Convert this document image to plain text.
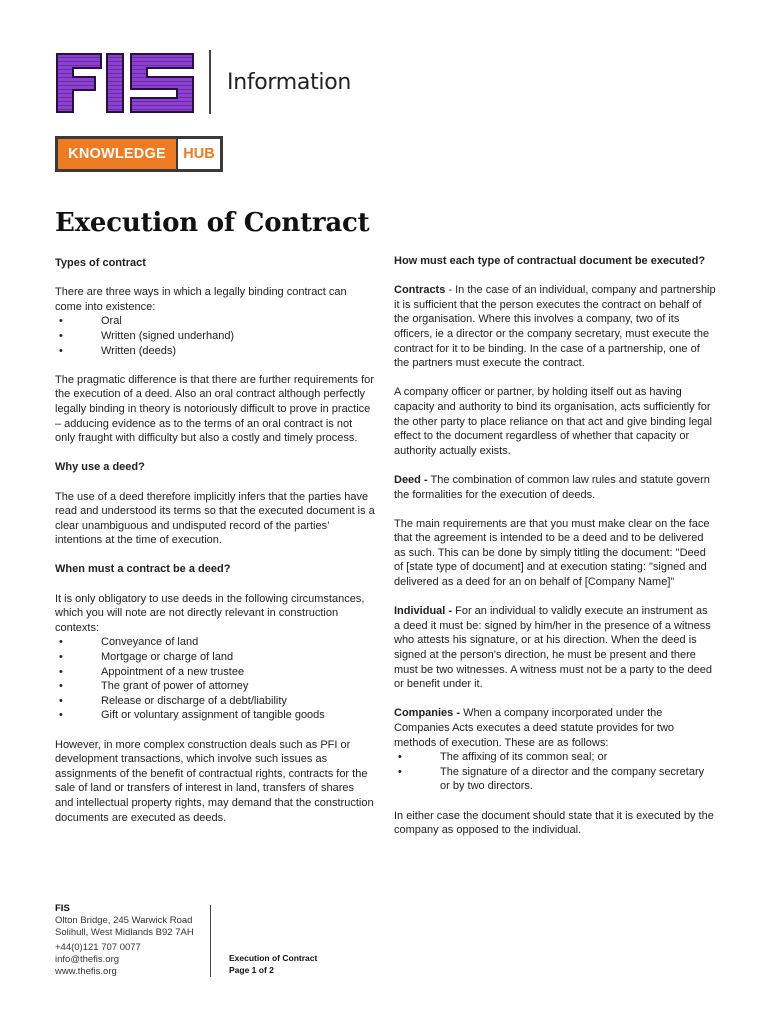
Information
KNOWLEDGE	HUB
Execution of Contract
Types of contract

There are three ways in which a legally binding contract can come into existence:

•	Oral
•	Written (signed underhand)
•	Written (deeds)

The pragmatic difference is that there are further requirements for the execution of a deed. Also an oral contract although perfectly legally binding in theory is notoriously difficult to prove in practice – adducing evidence as to the terms of an oral contract is not only fraught with difficulty but also a costly and timely process.

Why use a deed?

The use of a deed therefore implicitly infers that the parties have read and understood its terms so that the executed document is a clear unambiguous and undisputed record of the parties’ intentions at the time of execution.

When must a contract be a deed?

It is only obligatory to use deeds in the following circumstances, which you will note are not directly relevant in construction contexts:

•	Conveyance of land
•	Mortgage or charge of land
•	Appointment of a new trustee
•	The grant of power of attorney
•	Release or discharge of a debt/liability
•	Gift or voluntary assignment of tangible goods

However, in more complex construction deals such as PFI or development transactions, which involve such issues as assignments of the benefit of contractual rights, contracts for the sale of land or transfers of interest in land, transfers of shares and intellectual property rights, may demand that the construction documents are executed as deeds.

How must each type of contractual document be executed?

Contracts - In the case of an individual, company and partnership it is sufficient that the person executes the contract on behalf of the organisation. Where this involves a company, two of its officers, ie a director or the company secretary, must execute the contract for it to be binding. In the case of a partnership, one of the partners must execute the contract.

A company officer or partner, by holding itself out as having capacity and authority to bind its organisation, acts sufficiently for the other party to place reliance on that act and give binding legal effect to the document regardless of whether that capacity or authority actually exists.

Deed - The combination of common law rules and statute govern the formalities for the execution of deeds.

The main requirements are that you must make clear on the face that the agreement is intended to be a deed and to be delivered as such. This can be done by simply titling the document: "Deed of [state type of document] and at execution stating: "signed and delivered as a deed for an on behalf of [Company Name]"

Individual - For an individual to validly execute an instrument as a deed it must be: signed by him/her in the presence of a witness who attests his signature, or at his direction. When the deed is signed at the person’s direction, he must be present and there must be two witnesses. A witness must not be a party to the deed or benefit under it.

Companies - When a company incorporated under the Companies Acts executes a deed statute provides for two methods of execution. These are as follows:

•	The affixing of its common seal; or
•	The signature of a director and the company secretary or by two directors.

In either case the document should state that it is executed by the company as opposed to the individual.

FIS
Olton Bridge, 245 Warwick Road
Solihull, West Midlands B92 7AH
+44(0)121 707 0077
info@thefis.org
www.thefis.org
Execution of Contract
Page 1 of 2
